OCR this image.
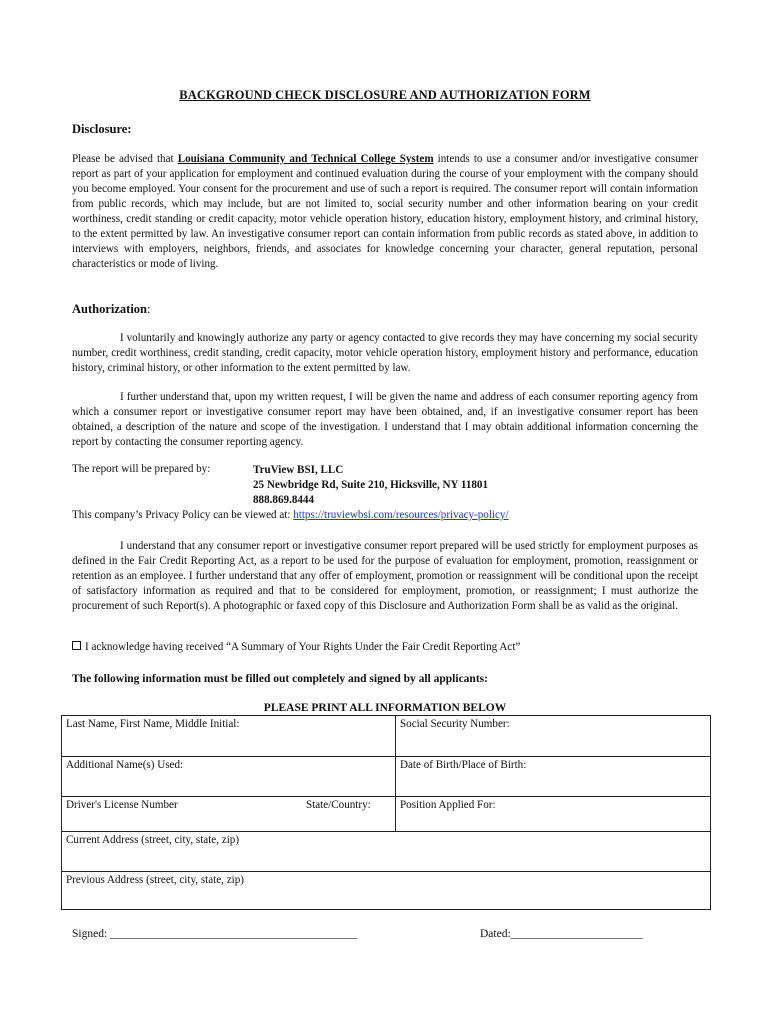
BACKGROUND CHECK DISCLOSURE AND AUTHORIZATION FORM
Disclosure:
Please be advised that Louisiana Community and Technical College System intends to use a consumer and/or investigative consumer report as part of your application for employment and continued evaluation during the course of your employment with the company should you become employed. Your consent for the procurement and use of such a report is required. The consumer report will contain information from public records, which may include, but are not limited to, social security number and other information bearing on your credit worthiness, credit standing or credit capacity, motor vehicle operation history, education history, employment history, and criminal history, to the extent permitted by law. An investigative consumer report can contain information from public records as stated above, in addition to interviews with employers, neighbors, friends, and associates for knowledge concerning your character, general reputation, personal characteristics or mode of living.
Authorization:
I voluntarily and knowingly authorize any party or agency contacted to give records they may have concerning my social security number, credit worthiness, credit standing, credit capacity, motor vehicle operation history, employment history and performance, education history, criminal history, or other information to the extent permitted by law.
I further understand that, upon my written request, I will be given the name and address of each consumer reporting agency from which a consumer report or investigative consumer report may have been obtained, and, if an investigative consumer report has been obtained, a description of the nature and scope of the investigation. I understand that I may obtain additional information concerning the report by contacting the consumer reporting agency.
The report will be prepared by:	TruView BSI, LLC
25 Newbridge Rd, Suite 210, Hicksville, NY 11801
888.869.8444
This company’s Privacy Policy can be viewed at: https://truviewbsi.com/resources/privacy-policy/
I understand that any consumer report or investigative consumer report prepared will be used strictly for employment purposes as defined in the Fair Credit Reporting Act, as a report to be used for the purpose of evaluation for employment, promotion, reassignment or retention as an employee. I further understand that any offer of employment, promotion or reassignment will be conditional upon the receipt of satisfactory information as required and that to be considered for employment, promotion, or reassignment; I must authorize the procurement of such Report(s). A photographic or faxed copy of this Disclosure and Authorization Form shall be as valid as the original.
I acknowledge having received “A Summary of Your Rights Under the Fair Credit Reporting Act”
The following information must be filled out completely and signed by all applicants:
PLEASE PRINT ALL INFORMATION BELOW
Last Name, First Name, Middle Initial:	Social Security Number:
Additional Name(s) Used:	Date of Birth/Place of Birth:
Driver's License Number	State/Country:	Position Applied For:
Current Address (street, city, state, zip)
Previous Address (street, city, state, zip)
Signed: ___________________________________________	Dated:_______________________
